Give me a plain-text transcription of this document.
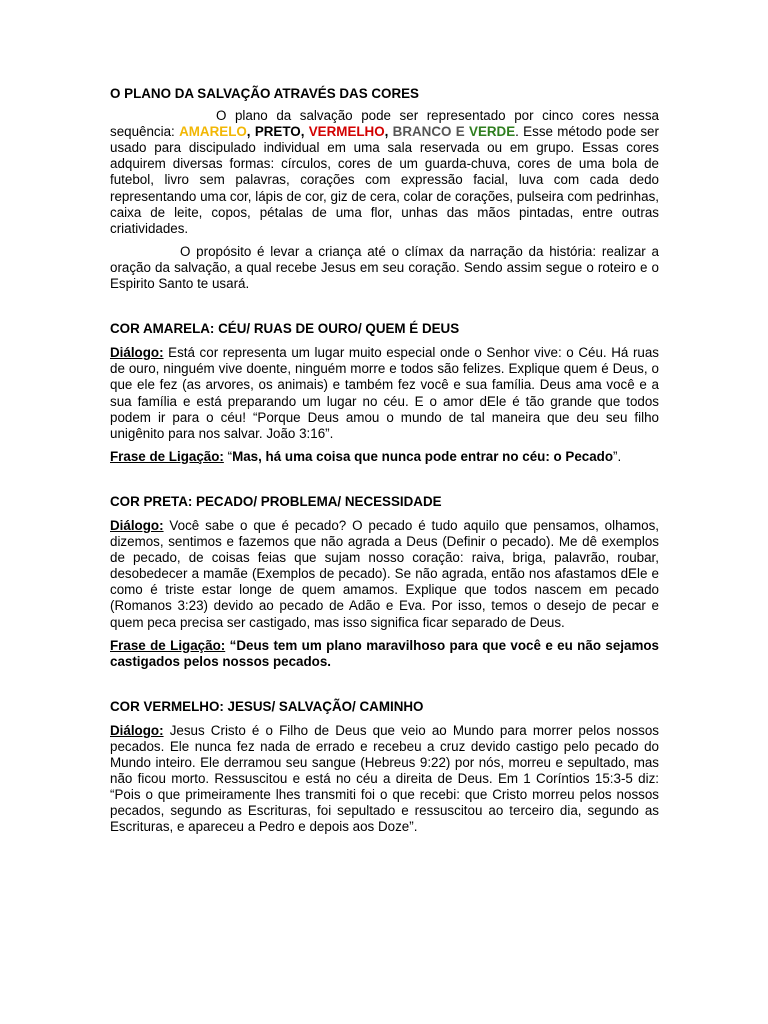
O PLANO DA SALVAÇÃO ATRAVÉS DAS CORES

O plano da salvação pode ser representado por cinco cores nessa sequência: AMARELO, PRETO, VERMELHO, BRANCO E VERDE. Esse método pode ser usado para discipulado individual em uma sala reservada ou em grupo. Essas cores adquirem diversas formas: círculos, cores de um guarda-chuva, cores de uma bola de futebol, livro sem palavras, corações com expressão facial, luva com cada dedo representando uma cor, lápis de cor, giz de cera, colar de corações, pulseira com pedrinhas, caixa de leite, copos, pétalas de uma flor, unhas das mãos pintadas, entre outras criatividades.

O propósito é levar a criança até o clímax da narração da história: realizar a oração da salvação, a qual recebe Jesus em seu coração. Sendo assim segue o roteiro e o Espirito Santo te usará.

COR AMARELA: CÉU/ RUAS DE OURO/ QUEM É DEUS

Diálogo: Está cor representa um lugar muito especial onde o Senhor vive: o Céu. Há ruas de ouro, ninguém vive doente, ninguém morre e todos são felizes. Explique quem é Deus, o que ele fez (as arvores, os animais) e também fez você e sua família. Deus ama você e a sua família e está preparando um lugar no céu. E o amor dEle é tão grande que todos podem ir para o céu! “Porque Deus amou o mundo de tal maneira que deu seu filho unigênito para nos salvar. João 3:16”.

Frase de Ligação: “Mas, há uma coisa que nunca pode entrar no céu: o Pecado”.

COR PRETA: PECADO/ PROBLEMA/ NECESSIDADE

Diálogo: Você sabe o que é pecado? O pecado é tudo aquilo que pensamos, olhamos, dizemos, sentimos e fazemos que não agrada a Deus (Definir o pecado). Me dê exemplos de pecado, de coisas feias que sujam nosso coração: raiva, briga, palavrão, roubar, desobedecer a mamãe (Exemplos de pecado). Se não agrada, então nos afastamos dEle e como é triste estar longe de quem amamos. Explique que todos nascem em pecado (Romanos 3:23) devido ao pecado de Adão e Eva. Por isso, temos o desejo de pecar e quem peca precisa ser castigado, mas isso significa ficar separado de Deus.

Frase de Ligação: “Deus tem um plano maravilhoso para que você e eu não sejamos castigados pelos nossos pecados.

COR VERMELHO: JESUS/ SALVAÇÃO/ CAMINHO

Diálogo: Jesus Cristo é o Filho de Deus que veio ao Mundo para morrer pelos nossos pecados. Ele nunca fez nada de errado e recebeu a cruz devido castigo pelo pecado do Mundo inteiro. Ele derramou seu sangue (Hebreus 9:22) por nós, morreu e sepultado, mas não ficou morto. Ressuscitou e está no céu a direita de Deus. Em 1 Coríntios 15:3-5 diz: “Pois o que primeiramente lhes transmiti foi o que recebi: que Cristo morreu pelos nossos pecados, segundo as Escrituras, foi sepultado e ressuscitou ao terceiro dia, segundo as Escrituras, e apareceu a Pedro e depois aos Doze”.
